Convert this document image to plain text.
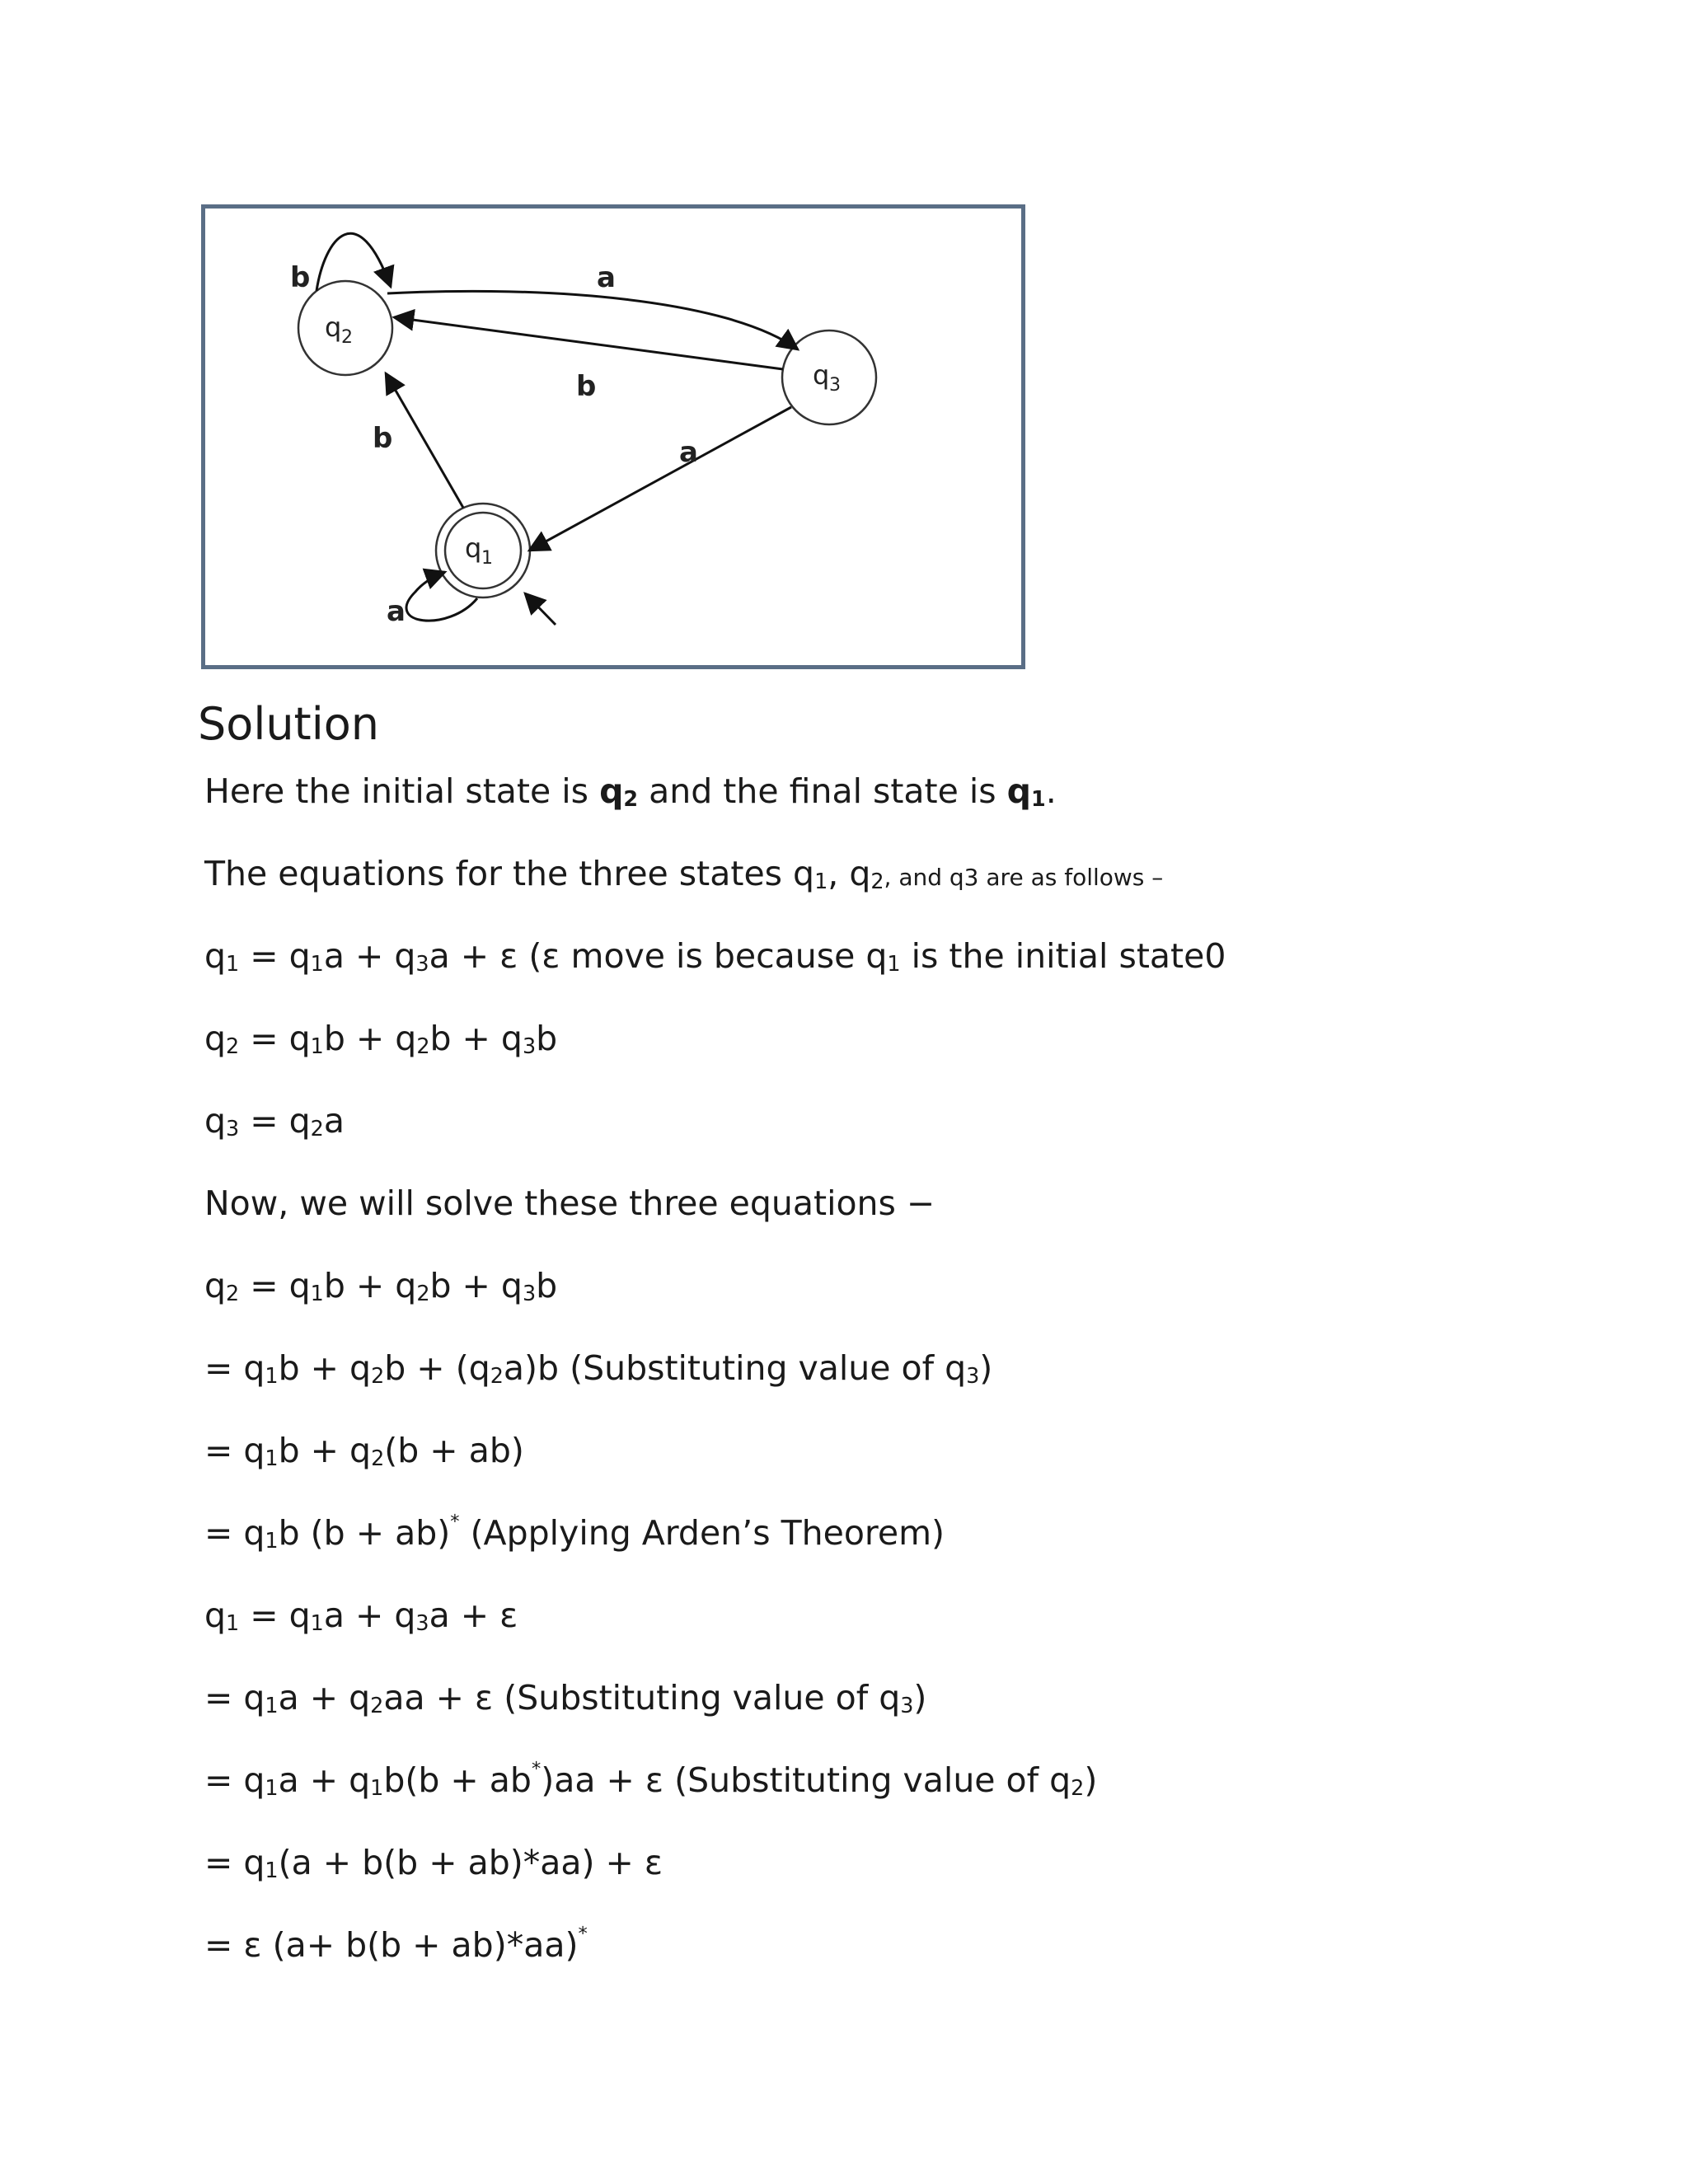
q 2
q 3
q 1
b	a
b
b	a
a
Solution
Here the initial state is $q_2$ and the final state is $q_1$.
The equations for the three states $q_1$, $q_2$, and q3 are as follows –
$q_1 = q_1a + q_3a + \varepsilon$ (ε move is because $q_1$ is the initial state0
$q_2 = q_1b + q_2b + q_3b$
$q_3 = q_2a$
Now, we will solve these three equations −
$q_2 = q_1b + q_2b + q_3b$
= $q_1b + q_2b + (q_2a)b$ (Substituting value of $q_3$)
= $q_1b + q_2(b + ab)$
= $q_1b$ (b + ab)* (Applying Arden’s Theorem)
$q_1 = q_1a + q_3a + \varepsilon$
= $q_1a + q_2aa + \varepsilon$ (Substituting value of $q_3$)
= $q_1a + q_1b(b + ab^*)aa + \varepsilon$ (Substituting value of $q_2$)
= $q_1(a + b(b + ab)*aa) + \varepsilon$
= ε (a+ b(b + ab)*aa)*
